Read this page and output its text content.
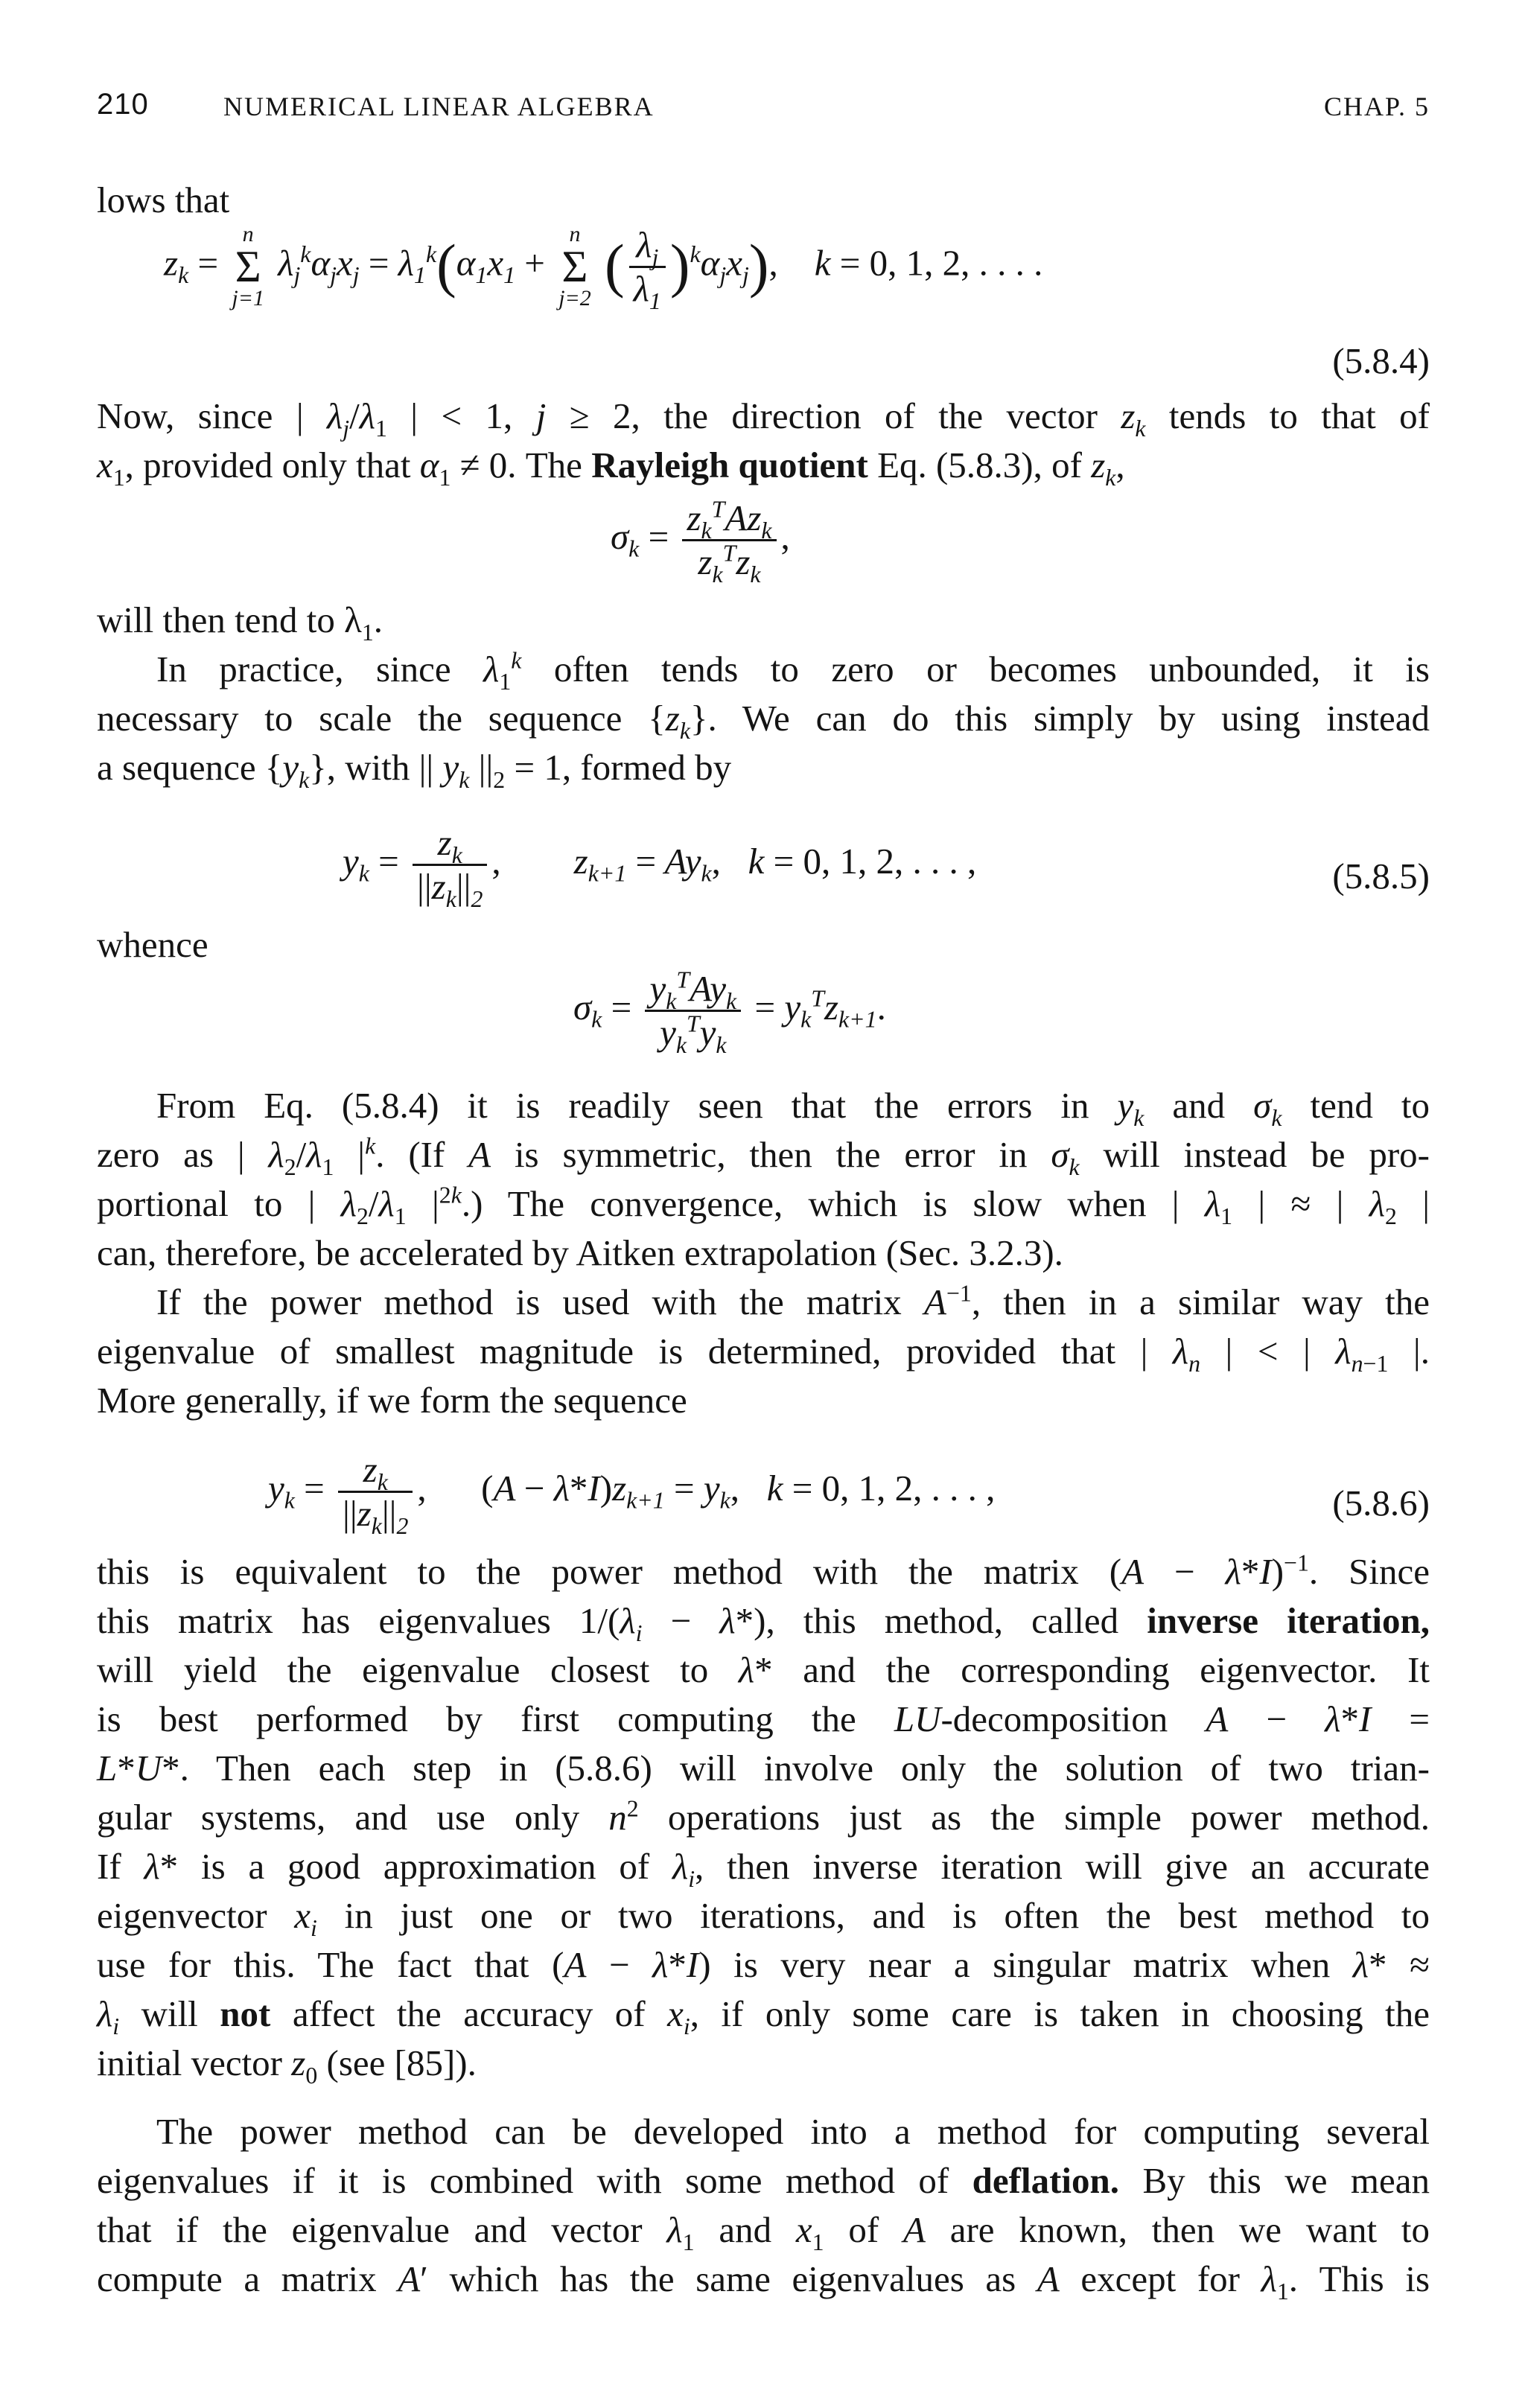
210	NUMERICAL LINEAR ALGEBRA	CHAP. 5
lows that
$z_k$ =
n
Σ
j=1
$\lambda_j^k\alpha_jx_j = \lambda_1^k(\alpha_1x_1$ +
n
Σ
j=2 ( $\frac{\lambda_j}{\lambda_1} )^k\alpha_jx_j$),    k = 0, 1, 2, . . . .
(5.8.4)
Now, since | $\lambda_j/\lambda_1$ | < 1, j ≥ 2, the direction of the vector $z_k$ tends to that of
$x_1$, provided only that $\alpha_1 \ne 0$. The Rayleigh quotient Eq. (5.8.3), of $z_k$,
$\sigma_k = \frac{z_k^TAz_k}{z_k^Tz_k}$ ,
will then tend to $\lambda_1$.
In practice, since $\lambda_1^k$ often tends to zero or becomes unbounded, it is
necessary to scale the sequence $\{z_k\}$. We can do this simply by using instead
a sequence $\{y_k\}$, with || $y_k$ $||_2 = 1$, formed by
$y_k = \frac{z_k}{||z_k||_2}$ ,        $z_{k+1} = Ay_k$,   k = 0, 1, 2, . . . ,	(5.8.5)
whence
$\sigma_k = \frac{y_k^TAy_k}{y_k^Ty_k} = y_k^Tz_{k+1}$.
From Eq. (5.8.4) it is readily seen that the errors in $y_k$ and $\sigma_k$ tend to
zero as | $\lambda_2/\lambda_1$ $|^k$. (If A is symmetric, then the error in $\sigma_k$ will instead be pro-
portional to | $\lambda_2/\lambda_1$ $|^{2k}$.) The convergence, which is slow when | $\lambda_1$ | ≈ | $\lambda_2$ |
can, therefore, be accelerated by Aitken extrapolation (Sec. 3.2.3).
If the power method is used with the matrix $A^{-1}$, then in a similar way the
eigenvalue of smallest magnitude is determined, provided that | $\lambda_n$ | < | $\lambda_{n-1}$ |.
More generally, if we form the sequence
$y_k = \frac{z_k}{||z_k||_2}$ , $(A - \lambda*I)z_{k+1} = y_k$,   k = 0, 1, 2, . . . ,	(5.8.6)
this is equivalent to the power method with the matrix $(A - \lambda*I)^{-1}$. Since
this matrix has eigenvalues $1/(\lambda_i - \lambda*)$, this method, called inverse iteration,
will yield the eigenvalue closest to λ* and the corresponding eigenvector. It
is best performed by first computing the LU-decomposition A − λ*I =
L*U*. Then each step in (5.8.6) will involve only the solution of two trian-
gular systems, and use only $n^2$ operations just as the simple power method.
If λ* is a good approximation of $\lambda_i$, then inverse iteration will give an accurate
eigenvector $x_i$ in just one or two iterations, and is often the best method to
use for this. The fact that (A − λ*I) is very near a singular matrix when λ* ≈
$\lambda_i$ will not affect the accuracy of $x_i$, if only some care is taken in choosing the
initial vector $z_0$ (see [85]).
The power method can be developed into a method for computing several
eigenvalues if it is combined with some method of deflation. By this we mean
that if the eigenvalue and vector $\lambda_1$ and $x_1$ of A are known, then we want to
compute a matrix A′ which has the same eigenvalues as A except for $\lambda_1$. This is
